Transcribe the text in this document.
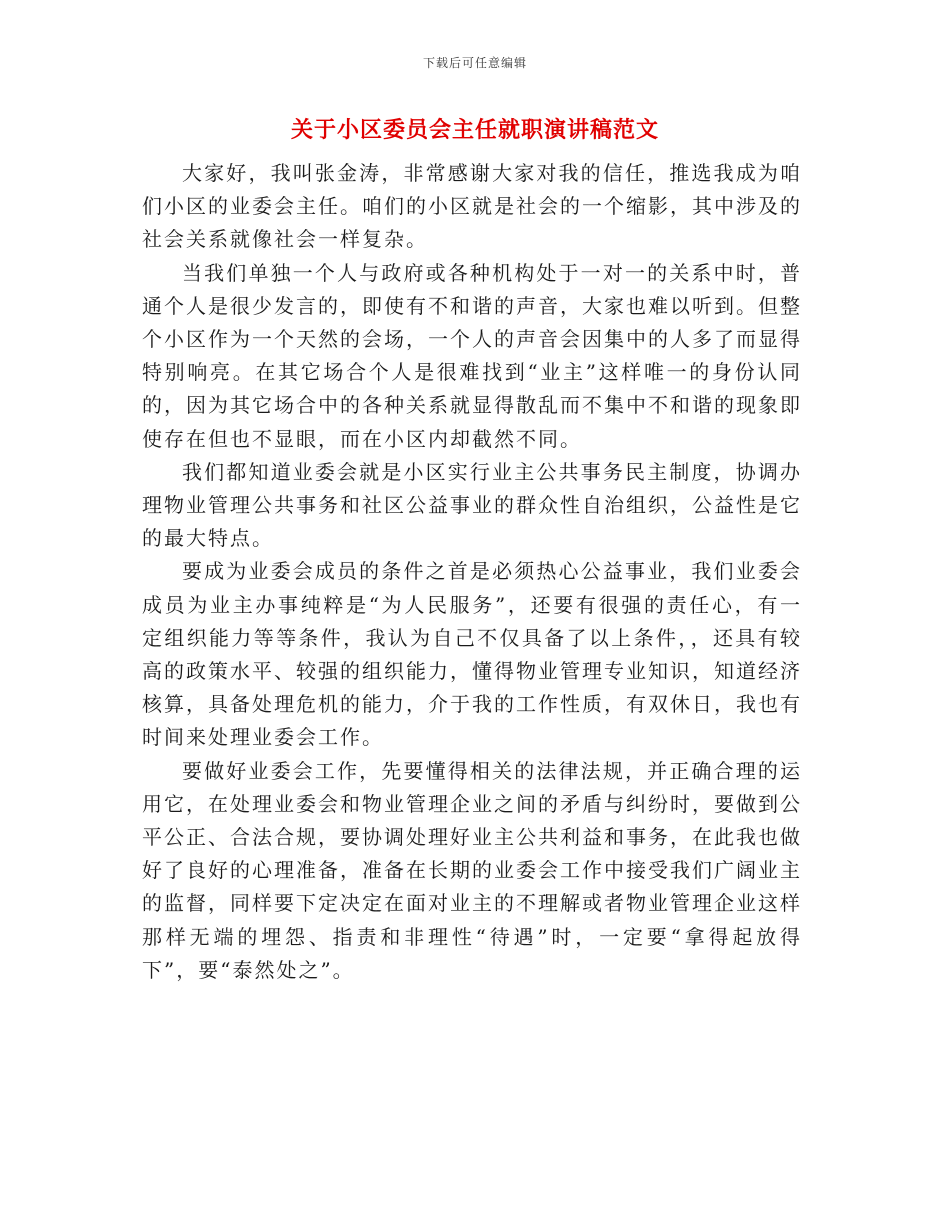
下载后可任意编辑
关于小区委员会主任就职演讲稿范文

大家好，我叫张金涛，非常感谢大家对我的信任，推选我成为咱们小区的业委会主任。咱们的小区就是社会的一个缩影，其中涉及的社会关系就像社会一样复杂。

当我们单独一个人与政府或各种机构处于一对一的关系中时，普通个人是很少发言的，即使有不和谐的声音，大家也难以听到。但整个小区作为一个天然的会场，一个人的声音会因集中的人多了而显得特别响亮。在其它场合个人是很难找到“业主”这样唯一的身份认同的，因为其它场合中的各种关系就显得散乱而不集中不和谐的现象即使存在但也不显眼，而在小区内却截然不同。

我们都知道业委会就是小区实行业主公共事务民主制度，协调办理物业管理公共事务和社区公益事业的群众性自治组织，公益性是它的最大特点。

要成为业委会成员的条件之首是必须热心公益事业，我们业委会成员为业主办事纯粹是“为人民服务”，还要有很强的责任心，有一定组织能力等等条件，我认为自己不仅具备了以上条件，，还具有较高的政策水平、较强的组织能力，懂得物业管理专业知识，知道经济核算，具备处理危机的能力，介于我的工作性质，有双休日，我也有时间来处理业委会工作。

要做好业委会工作，先要懂得相关的法律法规，并正确合理的运用它，在处理业委会和物业管理企业之间的矛盾与纠纷时，要做到公平公正、合法合规，要协调处理好业主公共利益和事务，在此我也做好了良好的心理准备，准备在长期的业委会工作中接受我们广阔业主的监督，同样要下定决定在面对业主的不理解或者物业管理企业这样那样无端的埋怨、指责和非理性“待遇”时，一定要“拿得起放得下”，要“泰然处之”。
